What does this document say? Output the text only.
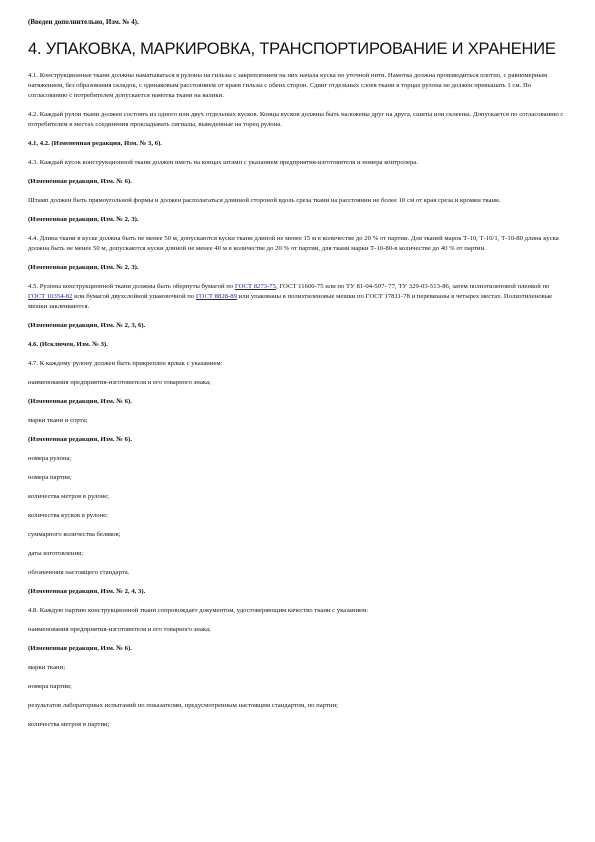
(Введен дополнительно, Изм. № 4).
4. УПАКОВКА, МАРКИРОВКА, ТРАНСПОРТИРОВАНИЕ И ХРАНЕНИЕ

4.1. Конструкционные ткани должны наматываться в рулоны на гильзы с закреплением на них начала куска по уточной нити. Намотка должна производиться плотно, с равномерным натяжением, без образования складок, с одинаковым расстоянием от краев гильзы с обеих сторон. Сдвиг отдельных слоев ткани в торцах рулона не должен превышать 1 см. По согласованию с потребителем допускается намотка ткани на валики.

4.2. Каждый рулон ткани должен состоять из одного или двух отдельных кусков. Концы кусков должны быть наложены друг на друга, сшиты или склеены. Допускается по согласованию с потребителем в местах соединения прокладывать сигналы, выведенные на торец рулона.

4.1, 4.2. (Измененная редакция, Изм. № 3, 6).

4.3. Каждый кусок конструкционной ткани должен иметь на концах штамп с указанием предприятия-изготовителя и номера контролера.

(Измененная редакция, Изм. № 6).

Штамп должен быть прямоугольной формы и должен располагаться длинной стороной вдоль среза ткани на расстоянии не более 10 см от края среза и кромки ткани.

(Измененная редакция, Изм. № 2, 3).

4.4. Длина ткани в куске должна быть не менее 50 м, допускаются куски ткани длиной не менее 15 м в количестве до 20 % от партии. Для тканей марок Т-10, Т-10/1, Т-10-80 длина куска должна быть не менее 50 м, допускаются куски длиной не менее 40 м в количестве до 20 % от партии, для ткани марки Т-10-80-в количестве до 40 % от партии.

(Измененная редакция, Изм. № 2, 3).

4.5. Рулоны конструкционной ткани должны быть обернуты бумагой по ГОСТ 8273-75, ГОСТ 11600-75 или по ТУ 81-04-507- 77, ТУ 329-03-513-86, затем полиэтиленовой пленкой по ГОСТ 10354-82 или бумагой двухслойной упаковочной по ГОСТ 8828-89 или упакованы в полиэтиленовые мешки по ГОСТ 17811-78 и перевязаны в четырех местах. Полиэтиленовые мешки заклеиваются.

(Измененная редакция, Изм. № 2, 3, 6).

4.6. (Исключен, Изм. № 3).

4.7. К каждому рулону должен быть прикреплен ярлык с указанием:

наименования предприятия-изготовителя и его товарного знака;

(Измененная редакция, Изм. № 6).

марки ткани и сорта;

(Измененная редакция, Изм. № 6).

номера рулона;

номера партии;

количества метров в рулоне;

количества кусков в рулоне;

суммарного количества беляков;

даты изготовления;

обозначения настоящего стандарта.

(Измененная редакция, Изм. № 2, 4, 3).

4.8. Каждую партию конструкционной ткани сопровождает документом, удостоверяющим качество ткани с указанием:

наименования предприятия-изготовителя и его товарного знака;

(Измененная редакция, Изм. № 6).

марки ткани;

номера партии;

результатов лабораторных испытаний по показателям, предусмотренным настоящим стандартом, по партии;

количества метров в партии;
